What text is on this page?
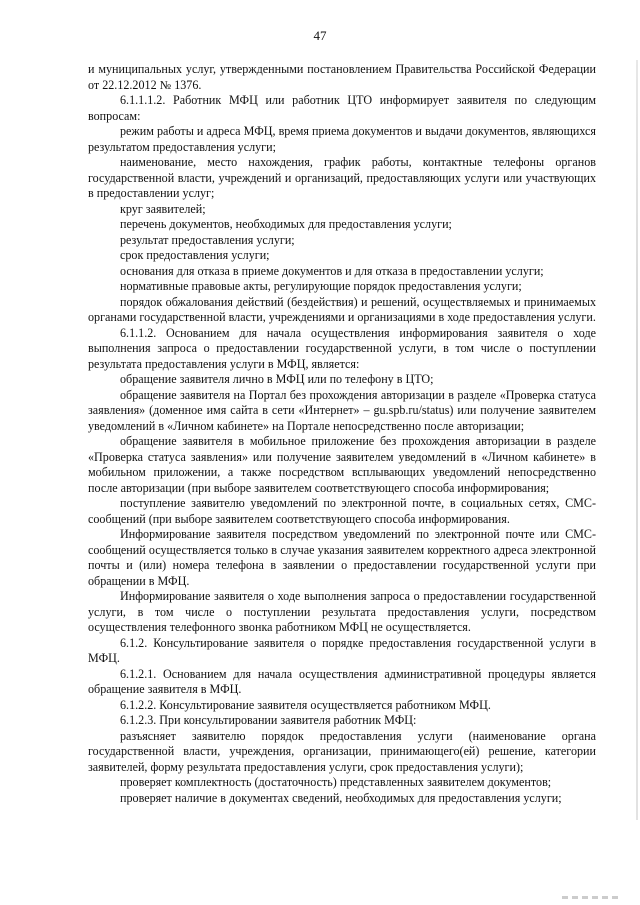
47

и муниципальных услуг, утвержденными постановлением Правительства Российской Федерации от 22.12.2012 № 1376.

6.1.1.1.2. Работник МФЦ или работник ЦТО информирует заявителя по следующим вопросам:

режим работы и адреса МФЦ, время приема документов и выдачи документов, являющихся результатом предоставления услуги;

наименование, место нахождения, график работы, контактные телефоны органов государственной власти, учреждений и организаций, предоставляющих услуги или участвующих в предоставлении услуг;

круг заявителей;

перечень документов, необходимых для предоставления услуги;

результат предоставления услуги;

срок предоставления услуги;

основания для отказа в приеме документов и для отказа в предоставлении услуги;

нормативные правовые акты, регулирующие порядок предоставления услуги;

порядок обжалования действий (бездействия) и решений, осуществляемых и принимаемых органами государственной власти, учреждениями и организациями в ходе предоставления услуги.

6.1.1.2. Основанием для начала осуществления информирования заявителя о ходе выполнения запроса о предоставлении государственной услуги, в том числе о поступлении результата предоставления услуги в МФЦ, является:

обращение заявителя лично в МФЦ или по телефону в ЦТО;

обращение заявителя на Портал без прохождения авторизации в разделе «Проверка статуса заявления» (доменное имя сайта в сети «Интернет» – gu.spb.ru/status) или получение заявителем уведомлений в «Личном кабинете» на Портале непосредственно после авторизации;

обращение заявителя в мобильное приложение без прохождения авторизации в разделе «Проверка статуса заявления» или получение заявителем уведомлений в «Личном кабинете» в мобильном приложении, а также посредством всплывающих уведомлений непосредственно после авторизации (при выборе заявителем соответствующего способа информирования;

поступление заявителю уведомлений по электронной почте, в социальных сетях, СМС-сообщений (при выборе заявителем соответствующего способа информирования.

Информирование заявителя посредством уведомлений по электронной почте или СМС-сообщений осуществляется только в случае указания заявителем корректного адреса электронной почты и (или) номера телефона в заявлении о предоставлении государственной услуги при обращении в МФЦ.

Информирование заявителя о ходе выполнения запроса о предоставлении государственной услуги, в том числе о поступлении результата предоставления услуги, посредством осуществления телефонного звонка работником МФЦ не осуществляется.

6.1.2. Консультирование заявителя о порядке предоставления государственной услуги в МФЦ.

6.1.2.1. Основанием для начала осуществления административной процедуры является обращение заявителя в МФЦ.

6.1.2.2. Консультирование заявителя осуществляется работником МФЦ.

6.1.2.3. При консультировании заявителя работник МФЦ:

разъясняет заявителю порядок предоставления услуги (наименование органа государственной власти, учреждения, организации, принимающего(ей) решение, категории заявителей, форму результата предоставления услуги, срок предоставления услуги);

проверяет комплектность (достаточность) представленных заявителем документов;

проверяет наличие в документах сведений, необходимых для предоставления услуги;
